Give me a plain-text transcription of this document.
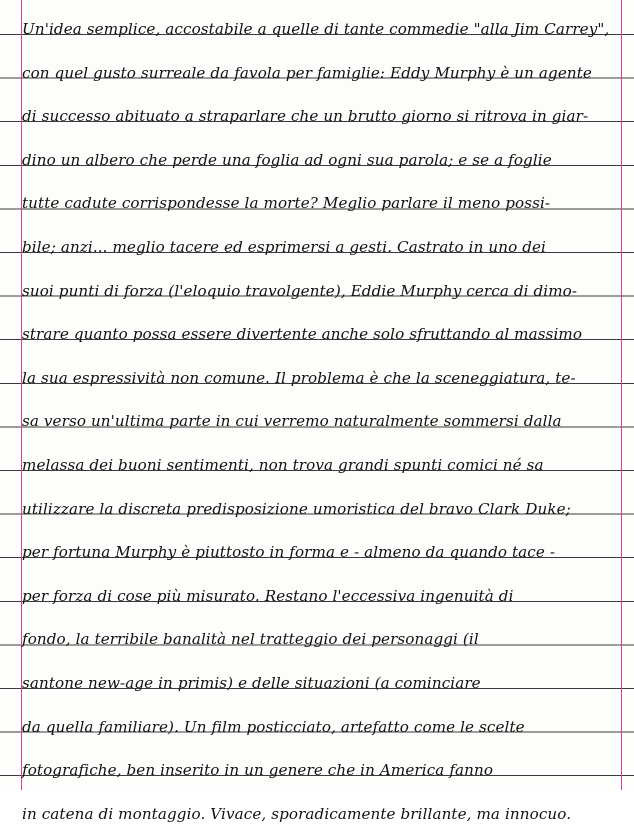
Un'idea semplice, accostabile a quelle di tante commedie "alla Jim Carrey",
con quel gusto surreale da favola per famiglie: Eddy Murphy è un agente
di successo abituato a straparlare che un brutto giorno si ritrova in giar-
dino un albero che perde una foglia ad ogni sua parola; e se a foglie
tutte cadute corrispondesse la morte? Meglio parlare il meno possi-
bile; anzi... meglio tacere ed esprimersi a gesti. Castrato in uno dei
suoi punti di forza (l'eloquio travolgente), Eddie Murphy cerca di dimo-
strare quanto possa essere divertente anche solo sfruttando al massimo
la sua espressività non comune. Il problema è che la sceneggiatura, te-
sa verso un'ultima parte in cui verremo naturalmente sommersi dalla
melassa dei buoni sentimenti, non trova grandi spunti comici né sa
utilizzare la discreta predisposizione umoristica del bravo Clark Duke;
per fortuna Murphy è piuttosto in forma e - almeno da quando tace -
per forza di cose più misurato. Restano l'eccessiva ingenuità di
fondo, la terribile banalità nel tratteggio dei personaggi (il
santone new-age in primis) e delle situazioni (a cominciare
da quella familiare). Un film posticciato, artefatto come le scelte
fotografiche, ben inserito in un genere che in America fanno
in catena di montaggio. Vivace, sporadicamente brillante, ma innocuo.
